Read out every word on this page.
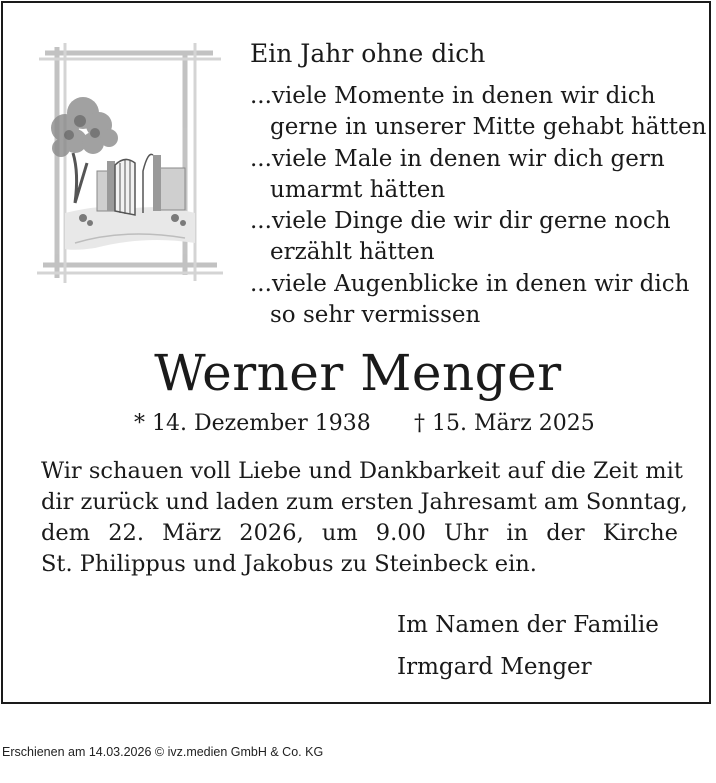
Ein Jahr ohne dich
...viele Momente in denen wir dich
gerne in unserer Mitte gehabt hätten
...viele Male in denen wir dich gern
umarmt hätten
...viele Dinge die wir dir gerne noch
erzählt hätten
...viele Augenblicke in denen wir dich
so sehr vermissen
Werner Menger
* 14. Dezember 1938 † 15. März 2025
Wir schauen voll Liebe und Dankbarkeit auf die Zeit mit
dir zurück und laden zum ersten Jahresamt am Sonntag,
dem 22. März 2026, um 9.00 Uhr in der Kirche
St. Philippus und Jakobus zu Steinbeck ein.
Im Namen der Familie
Irmgard Menger
Erschienen am 14.03.2026 © ivz.medien GmbH & Co. KG
